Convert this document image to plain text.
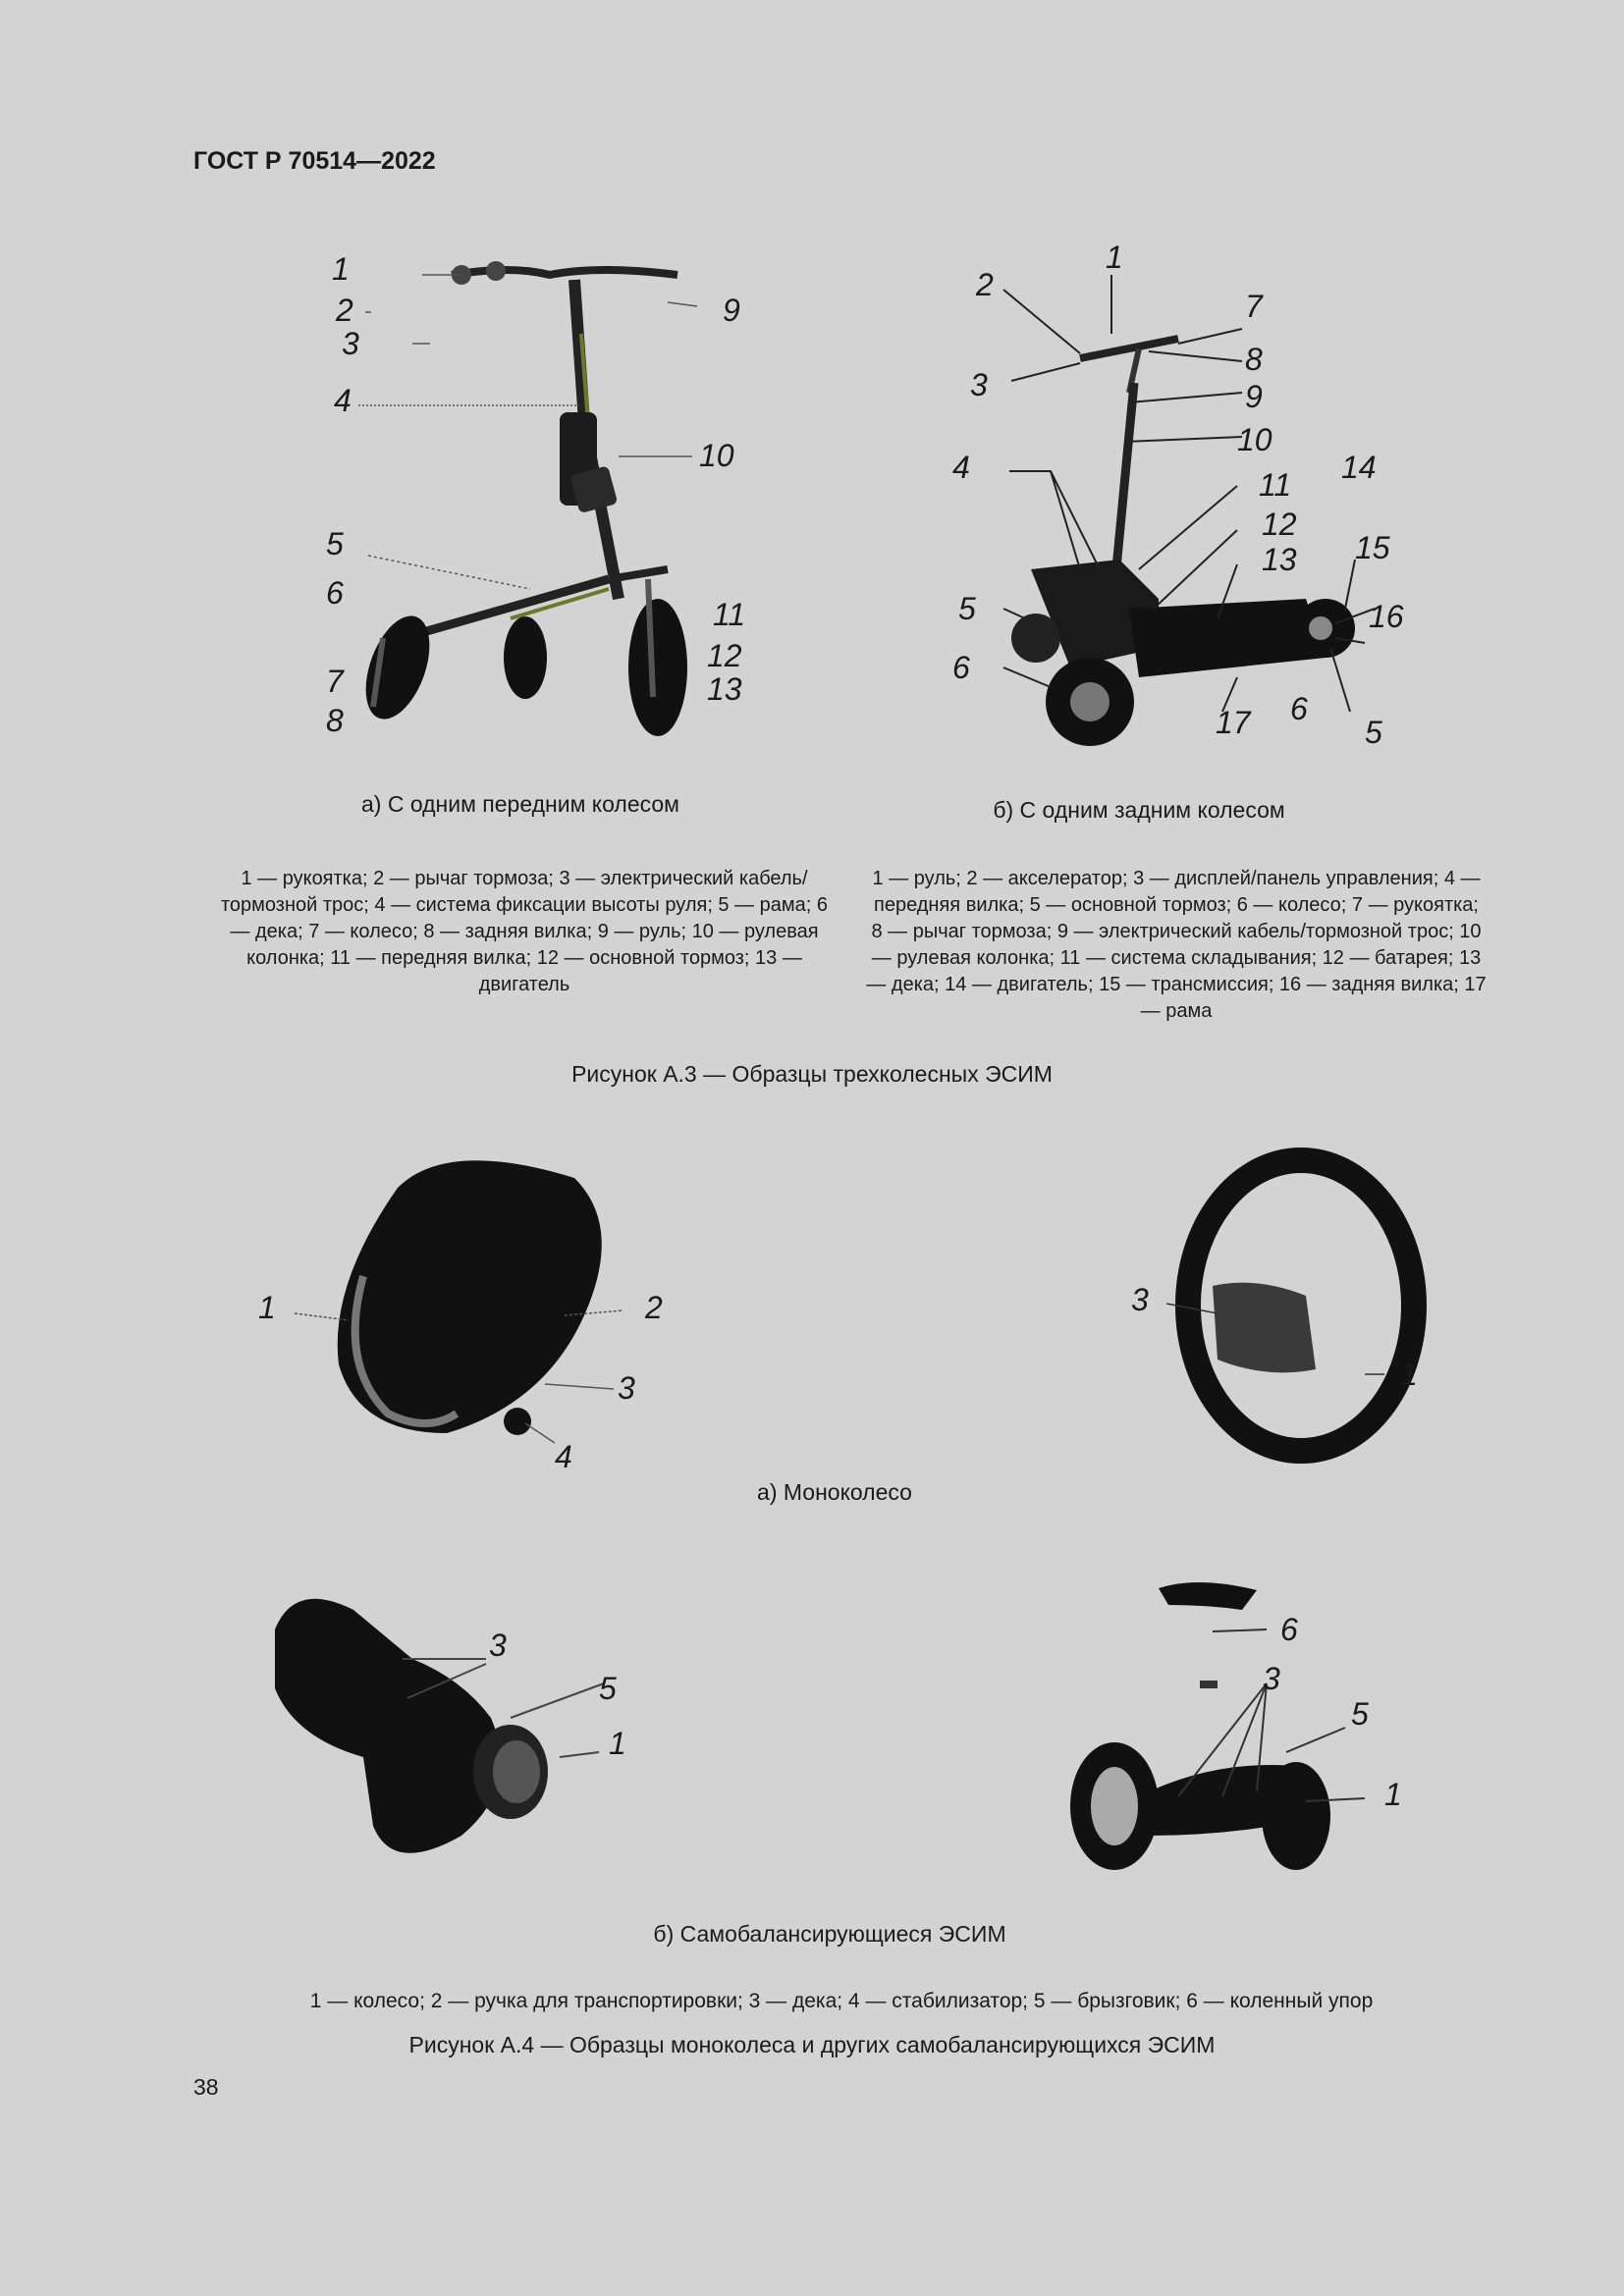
ГОСТ Р 70514—2022
1
2
3
4
5
6
7
8
9
10
11
12
13
1
2
3
4
5
6
7
8
9
10
11
12
13
14
15
16
17 6
5
а) С одним передним колесом	б) С одним задним колесом
1 — рукоятка; 2 — рычаг тормоза; 3 — электрический кабель/тормозной трос; 4 — система фиксации высоты руля; 5 — рама; 6 — дека; 7 — колесо; 8 — задняя вилка; 9 — руль; 10 — рулевая колонка; 11 — передняя вилка; 12 — основной тормоз; 13 — двигатель
1 — руль; 2 — акселератор; 3 — дисплей/панель управления; 4 — передняя вилка; 5 — основной тормоз; 6 — колесо; 7 — рукоятка; 8 — рычаг тормоза; 9 — электрический кабель/тормозной трос; 10 — рулевая колонка; 11 — система складывания; 12 — батарея; 13 — дека; 14 — двигатель; 15 — трансмиссия; 16 — задняя вилка; 17 — рама
Рисунок А.3 — Образцы трехколесных ЭСИМ
1	2
3
4
3
1
а) Моноколесо
3
5
1
6
3
5
1
б) Самобалансирующиеся ЭСИМ
1 — колесо; 2 — ручка для транспортировки; 3 — дека; 4 — стабилизатор; 5 — брызговик; 6 — коленный упор
Рисунок А.4 — Образцы моноколеса и других самобалансирующихся ЭСИМ
38
